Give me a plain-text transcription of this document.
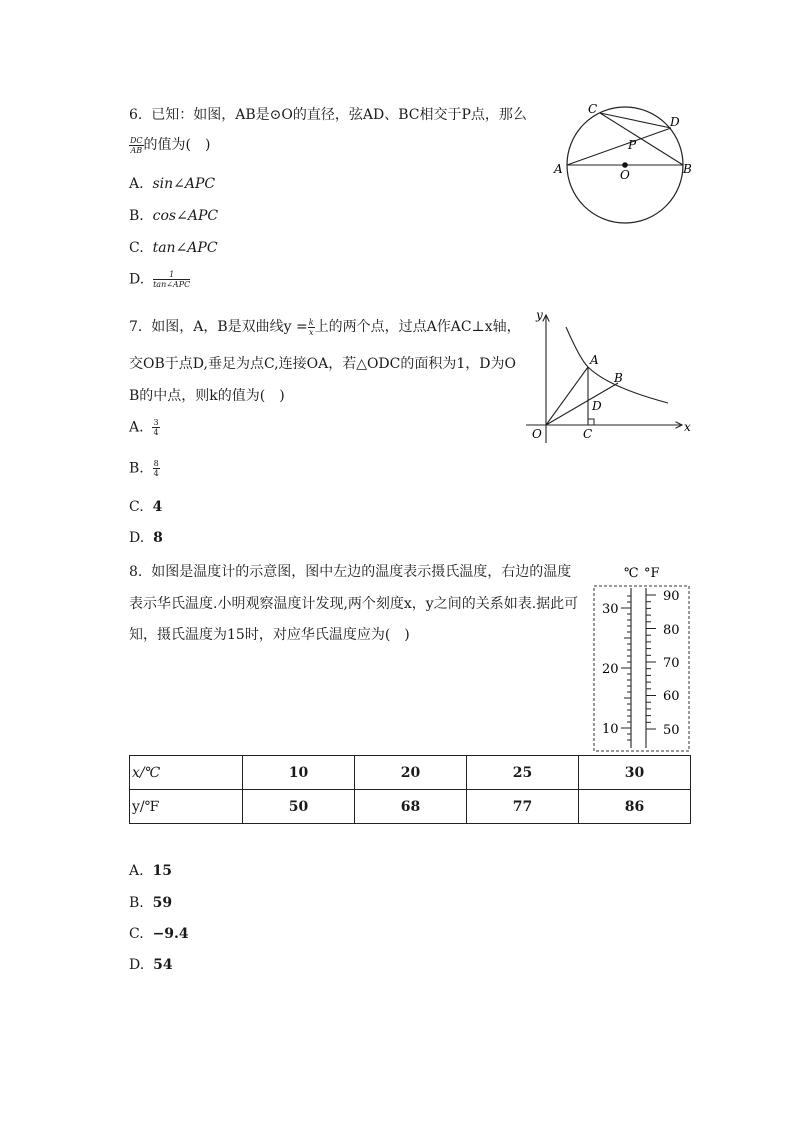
6. 已知：如图，AB是⊙O的直径，弦AD、BC相交于P点，那么
$\frac{DC}{AB}$ 的值为(　)
A. sin∠APC
B. cos∠APC
C. tan∠APC
D. $\frac{1}{\text{tan∠APC}}$
C
D
P
A	O	B
7. 如图，A，B是双曲线$y = \frac{k}{x}$ 上的两个点，过点A作AC⊥x轴，
交OB于点D,垂足为点C,连接OA，若△ODC的面积为1，D为O
B的中点，则k的值为(　)
A. $\frac{3}{4}$
B. $\frac{8}{4}$
C. 4
D. 8
y
x
O
A
B
C
D
8. 如图是温度计的示意图，图中左边的温度表示摄氏温度，右边的温度
表示华氏温度.小明观察温度计发现,两个刻度x，y之间的关系如表.据此可
知，摄氏温度为15时，对应华氏温度应为(　)
℃ °F
30
20
10
90
80
70
60
50
x/℃	10	20	25	30
y/℉	50	68	77	86
A. 15
B. 59
C. −9.4
D. 54
